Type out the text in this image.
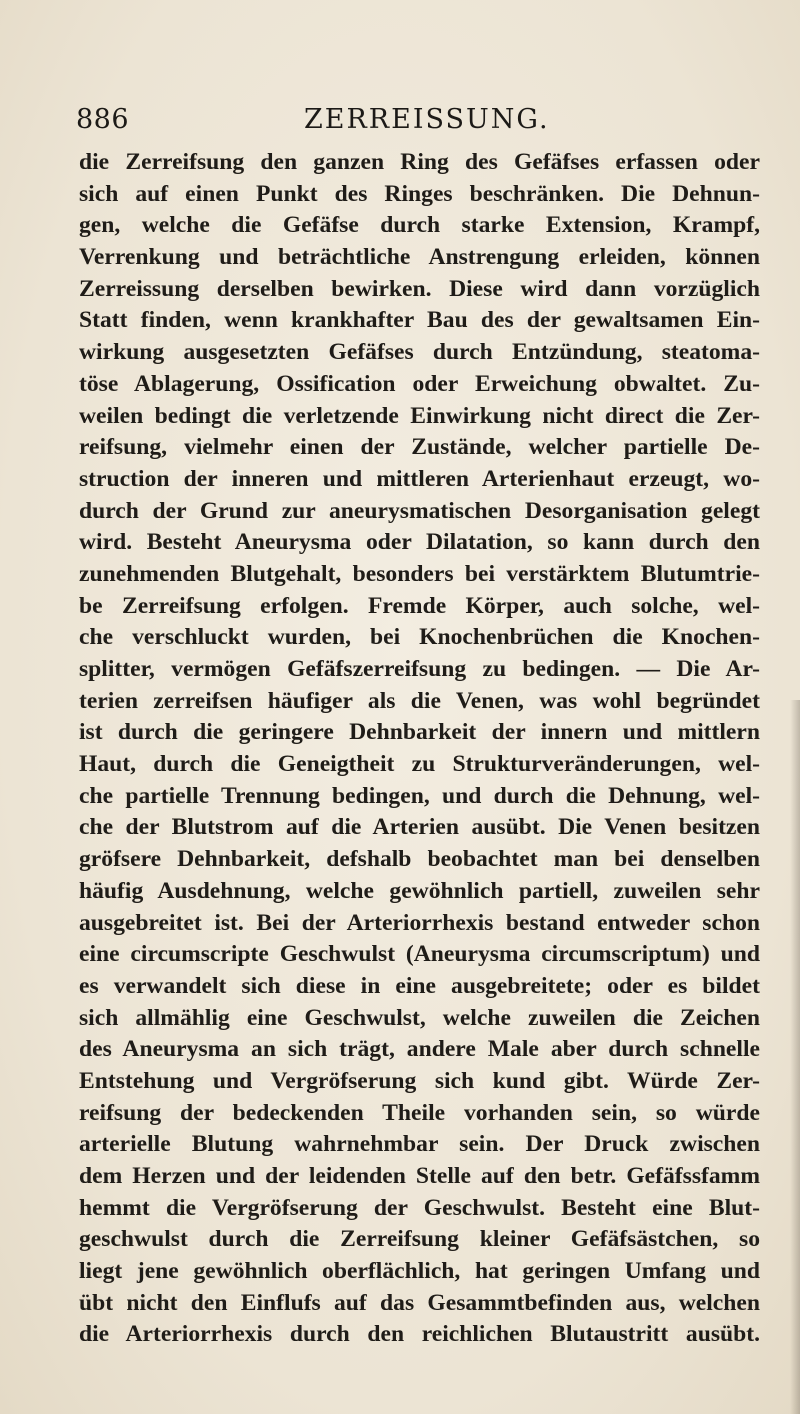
886	ZERREISSUNG.
die Zerreifsung den ganzen Ring des Gefäfses erfassen oder
sich auf einen Punkt des Ringes beschränken. Die Dehnun-
gen, welche die Gefäfse durch starke Extension, Krampf,
Verrenkung und beträchtliche Anstrengung erleiden, können
Zerreissung derselben bewirken. Diese wird dann vorzüglich
Statt finden, wenn krankhafter Bau des der gewaltsamen Ein-
wirkung ausgesetzten Gefäfses durch Entzündung, steatoma-
töse Ablagerung, Ossification oder Erweichung obwaltet. Zu-
weilen bedingt die verletzende Einwirkung nicht direct die Zer-
reifsung, vielmehr einen der Zustände, welcher partielle De-
struction der inneren und mittleren Arterienhaut erzeugt, wo-
durch der Grund zur aneurysmatischen Desorganisation gelegt
wird. Besteht Aneurysma oder Dilatation, so kann durch den
zunehmenden Blutgehalt, besonders bei verstärktem Blutumtrie-
be Zerreifsung erfolgen. Fremde Körper, auch solche, wel-
che verschluckt wurden, bei Knochenbrüchen die Knochen-
splitter, vermögen Gefäfszerreifsung zu bedingen. — Die Ar-
terien zerreifsen häufiger als die Venen, was wohl begründet
ist durch die geringere Dehnbarkeit der innern und mittlern
Haut, durch die Geneigtheit zu Strukturveränderungen, wel-
che partielle Trennung bedingen, und durch die Dehnung, wel-
che der Blutstrom auf die Arterien ausübt. Die Venen besitzen
gröfsere Dehnbarkeit, defshalb beobachtet man bei denselben
häufig Ausdehnung, welche gewöhnlich partiell, zuweilen sehr
ausgebreitet ist. Bei der Arteriorrhexis bestand entweder schon
eine circumscripte Geschwulst (Aneurysma circumscriptum) und
es verwandelt sich diese in eine ausgebreitete; oder es bildet
sich allmählig eine Geschwulst, welche zuweilen die Zeichen
des Aneurysma an sich trägt, andere Male aber durch schnelle
Entstehung und Vergröfserung sich kund gibt. Würde Zer-
reifsung der bedeckenden Theile vorhanden sein, so würde
arterielle Blutung wahrnehmbar sein. Der Druck zwischen
dem Herzen und der leidenden Stelle auf den betr. Gefäfssfamm
hemmt die Vergröfserung der Geschwulst. Besteht eine Blut-
geschwulst durch die Zerreifsung kleiner Gefäfsästchen, so
liegt jene gewöhnlich oberflächlich, hat geringen Umfang und
übt nicht den Einflufs auf das Gesammtbefinden aus, welchen
die Arteriorrhexis durch den reichlichen Blutaustritt ausübt.
